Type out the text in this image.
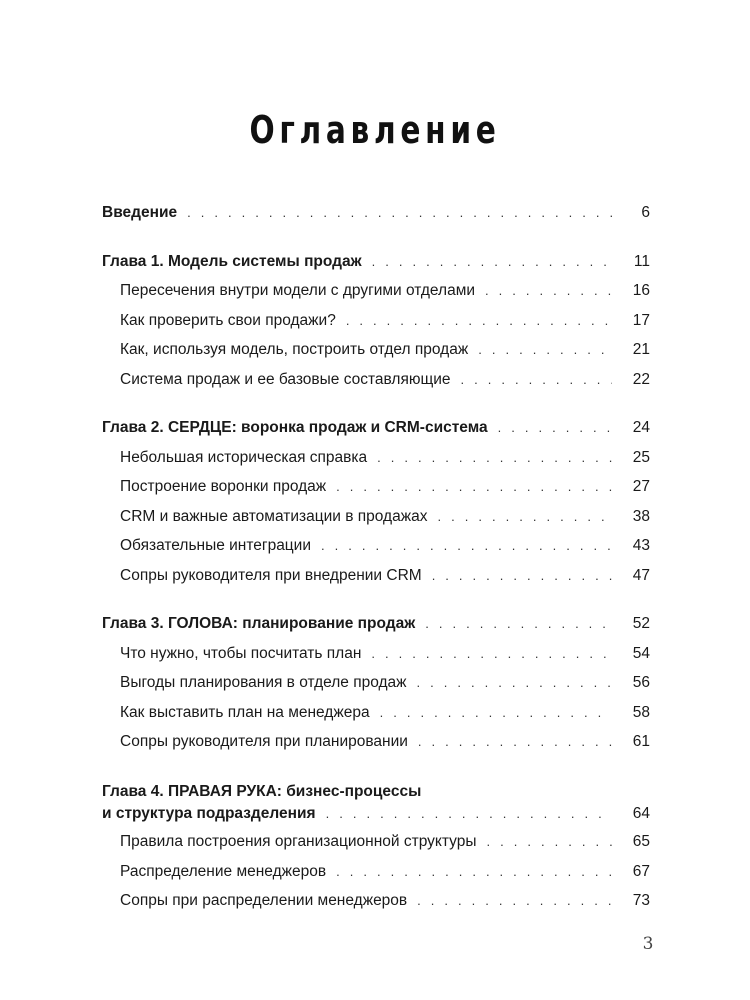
Оглавление
Введение . . .	6
Глава 1. Модель системы продаж . . .	11
Пересечения внутри модели с другими отделами . . .	16
Как проверить свои продажи? . . .	17
Как, используя модель, построить отдел продаж . . .	21
Система продаж и ее базовые составляющие . . .	22
Глава 2. СЕРДЦЕ: воронка продаж и CRM-система . . .	24
Небольшая историческая справка . . .	25
Построение воронки продаж . . .	27
CRM и важные автоматизации в продажах . . .	38
Обязательные интеграции . . .	43
Сопры руководителя при внедрении CRM . . .	47
Глава 3. ГОЛОВА: планирование продаж . . .	52
Что нужно, чтобы посчитать план . . .	54
Выгоды планирования в отделе продаж . . .	56
Как выставить план на менеджера . . .	58
Сопры руководителя при планировании . . .	61
Глава 4. ПРАВАЯ РУКА: бизнес-процессы
и структура подразделения . . .	64
Правила построения организационной структуры . . .	65
Распределение менеджеров . . .	67
Сопры при распределении менеджеров . . .	73
3
